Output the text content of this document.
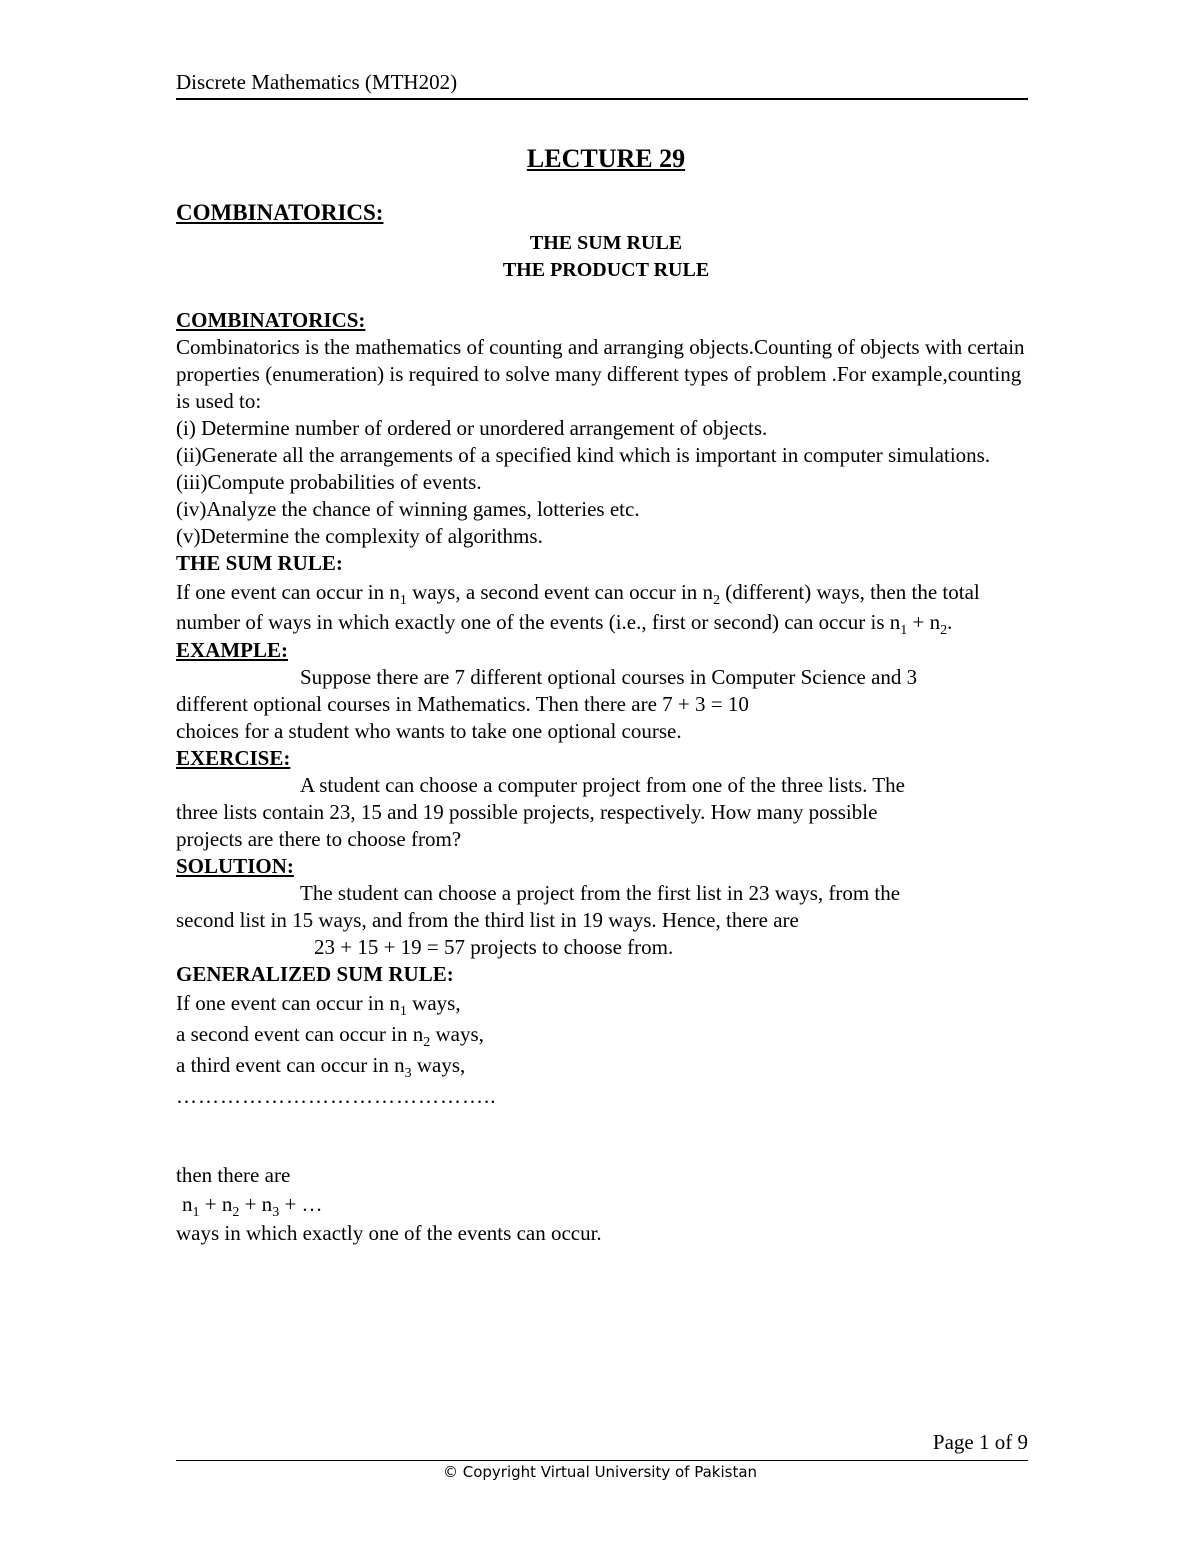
Discrete Mathematics (MTH202)
LECTURE 29
COMBINATORICS:
THE SUM RULE
THE PRODUCT RULE

COMBINATORICS:

Combinatorics is the mathematics of counting and arranging objects.Counting of objects with certain properties (enumeration) is required to solve many different types of problem .For example,counting is used to:

(i) Determine number of ordered or unordered arrangement of objects.

(ii)Generate all the arrangements of a specified kind which is important in computer simulations.

(iii)Compute probabilities of events.

(iv)Analyze the chance of winning games, lotteries etc.

(v)Determine the complexity of algorithms.

THE SUM RULE:

If one event can occur in $n_1$ ways, a second event can occur in $n_2$ (different) ways, then the total number of ways in which exactly one of the events (i.e., first or second) can occur is $n_1 + n_2$.

EXAMPLE:

Suppose there are 7 different optional courses in Computer Science and 3

different optional courses in Mathematics. Then there are 7 + 3 = 10

choices for a student who wants to take one optional course.

EXERCISE:

A student can choose a computer project from one of the three lists. The

three lists contain 23, 15 and 19 possible projects, respectively. How many possible

projects are there to choose from?

SOLUTION:

The student can choose a project from the first list in 23 ways, from the

second list in 15 ways, and from the third list in 19 ways. Hence, there are

23 + 15 + 19 = 57 projects to choose from.

GENERALIZED SUM RULE:

If one event can occur in $n_1$ ways,

a second event can occur in $n_2$ ways,

a third event can occur in $n_3$ ways,

……………………………………..

then there are

$n_1 + n_2 + n_3$ + …

ways in which exactly one of the events can occur.

Page 1 of 9
© Copyright Virtual University of Pakistan
